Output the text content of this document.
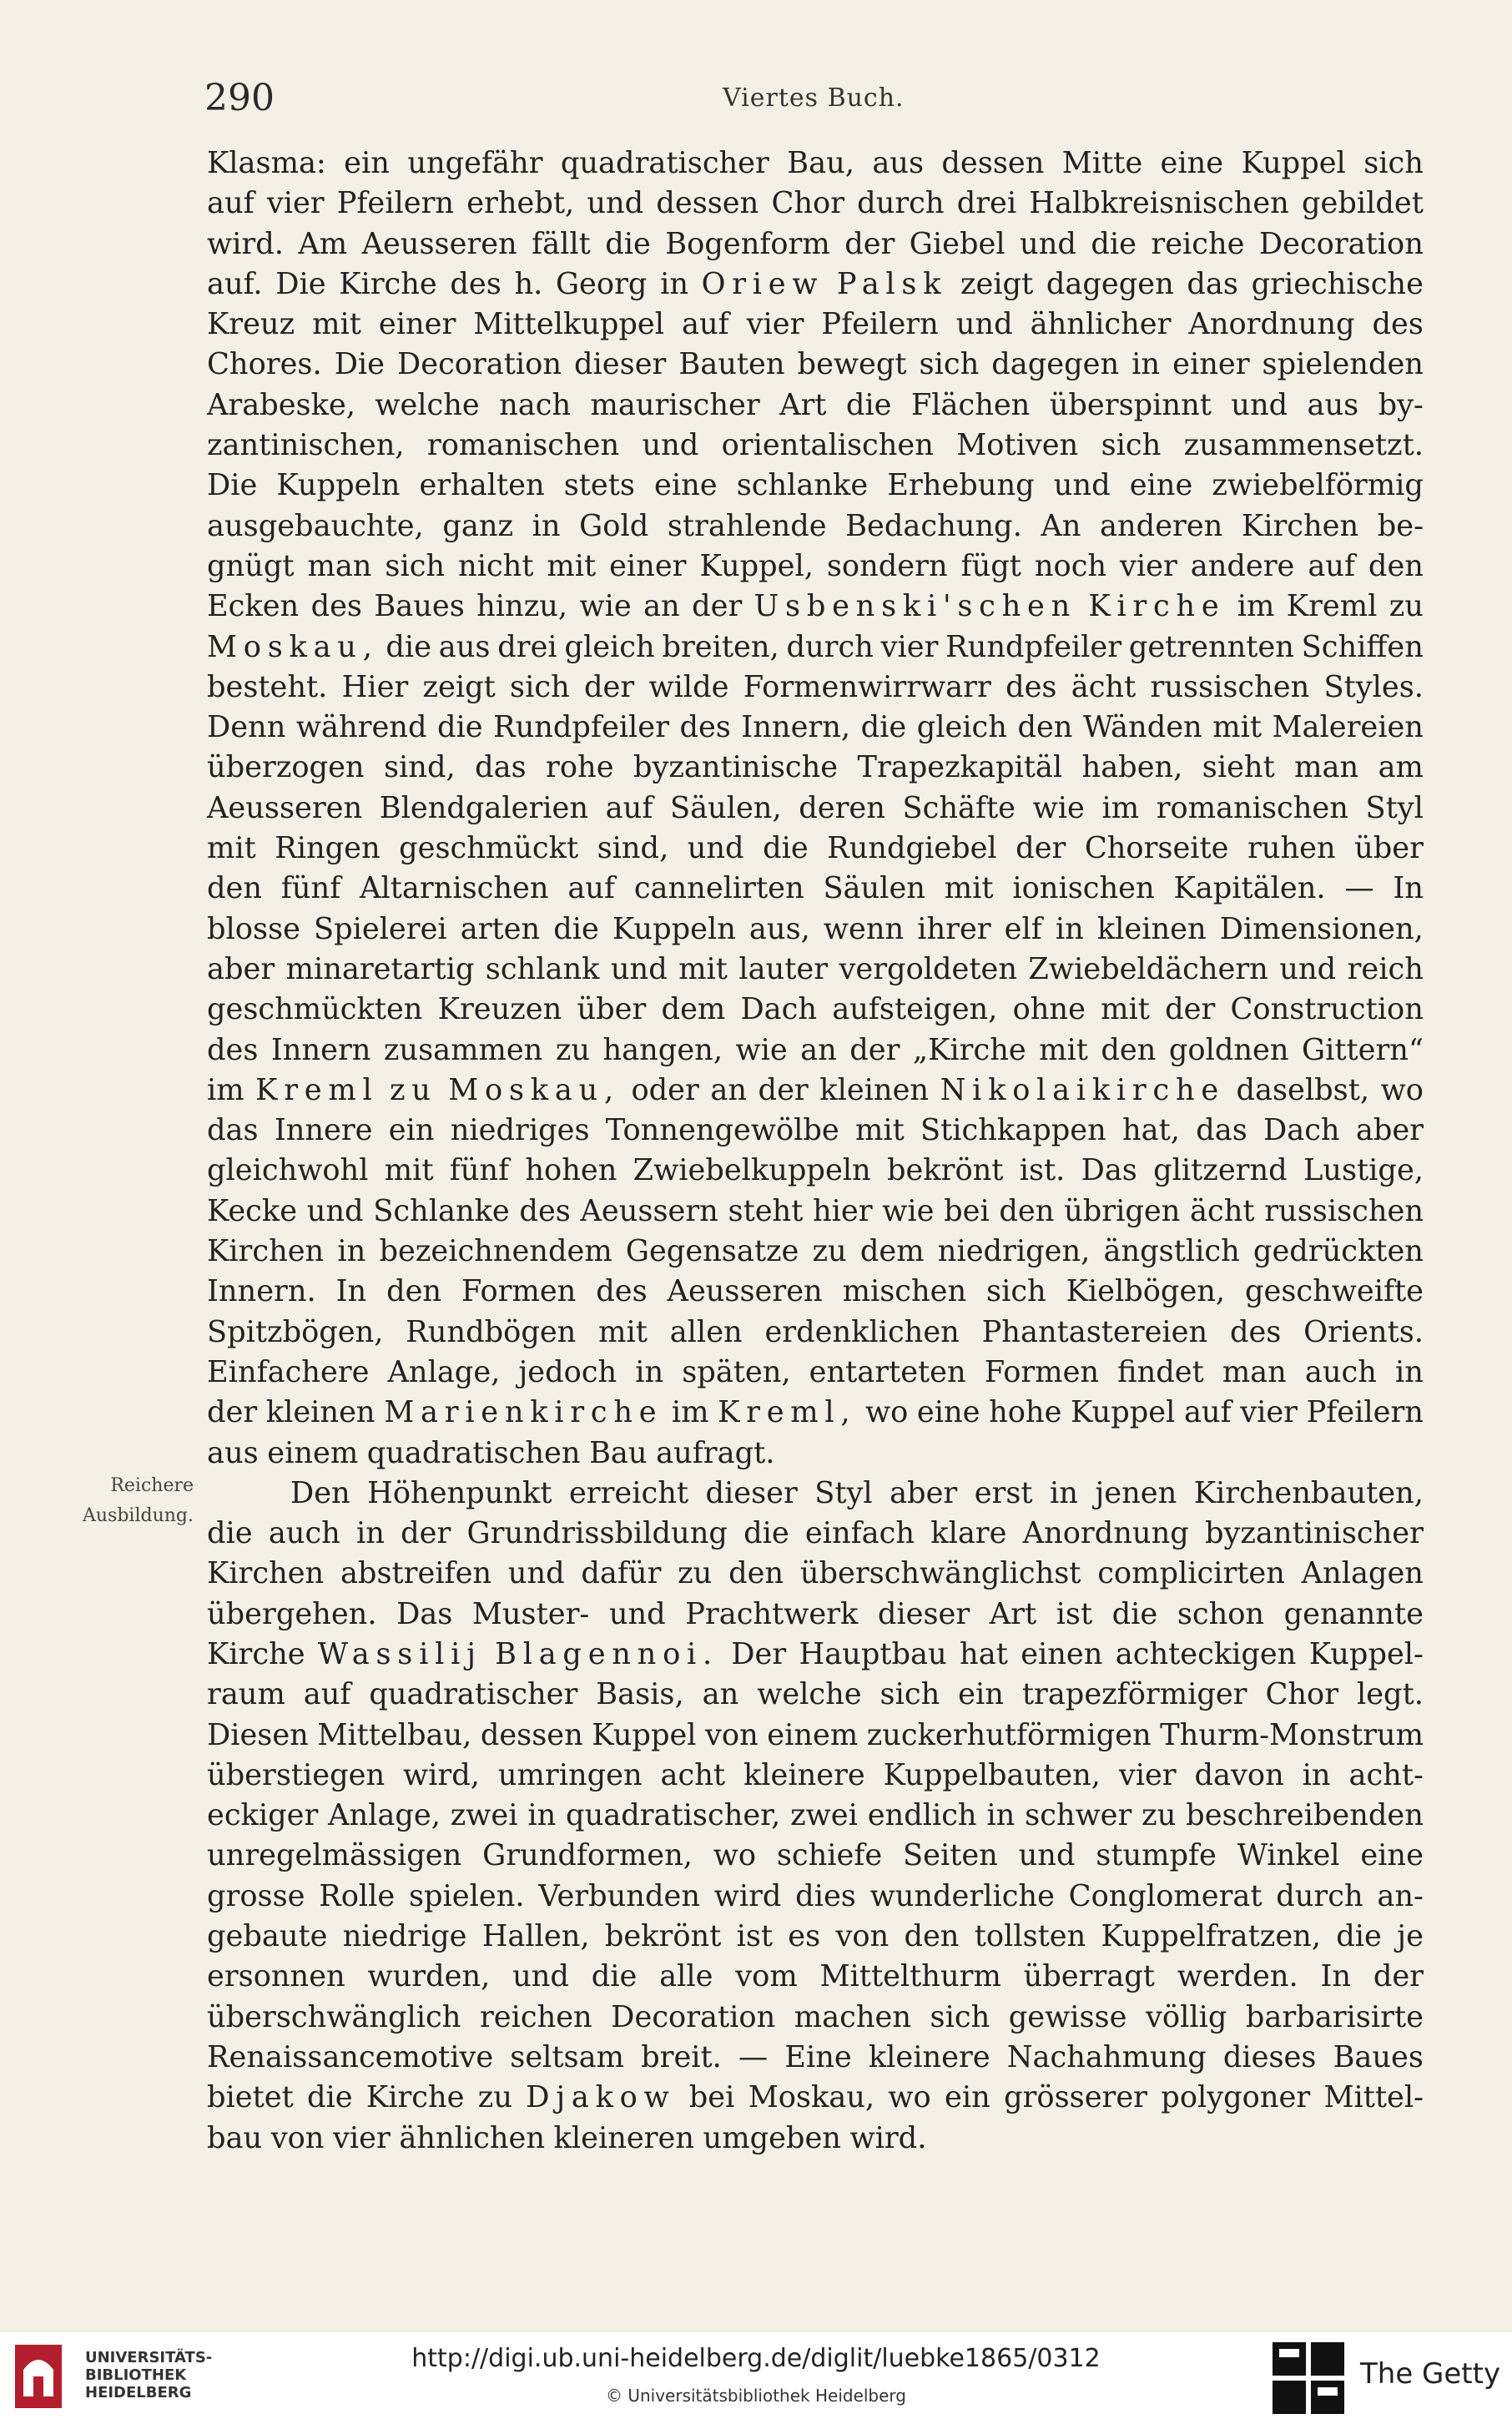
290	Viertes Buch.
Reichere
Ausbildung.
Klasma: ein ungefähr quadratischer Bau, aus dessen Mitte eine Kuppel sich
auf vier Pfeilern erhebt, und dessen Chor durch drei Halbkreisnischen gebildet
wird. Am Aeusseren fällt die Bogenform der Giebel und die reiche Decoration
auf. Die Kirche des h. Georg in Oriew Palsk zeigt dagegen das griechische
Kreuz mit einer Mittelkuppel auf vier Pfeilern und ähnlicher Anordnung des
Chores. Die Decoration dieser Bauten bewegt sich dagegen in einer spielenden
Arabeske, welche nach maurischer Art die Flächen überspinnt und aus by-
zantinischen, romanischen und orientalischen Motiven sich zusammensetzt.
Die Kuppeln erhalten stets eine schlanke Erhebung und eine zwiebelförmig
ausgebauchte, ganz in Gold strahlende Bedachung. An anderen Kirchen be-
gnügt man sich nicht mit einer Kuppel, sondern fügt noch vier andere auf den
Ecken des Baues hinzu, wie an der Usbenski'schen Kirche im Kreml zu
Moskau, die aus drei gleich breiten, durch vier Rundpfeiler getrennten Schiffen
besteht. Hier zeigt sich der wilde Formenwirrwarr des ächt russischen Styles.
Denn während die Rundpfeiler des Innern, die gleich den Wänden mit Malereien
überzogen sind, das rohe byzantinische Trapezkapitäl haben, sieht man am
Aeusseren Blendgalerien auf Säulen, deren Schäfte wie im romanischen Styl
mit Ringen geschmückt sind, und die Rundgiebel der Chorseite ruhen über
den fünf Altarnischen auf cannelirten Säulen mit ionischen Kapitälen. — In
blosse Spielerei arten die Kuppeln aus, wenn ihrer elf in kleinen Dimensionen,
aber minaretartig schlank und mit lauter vergoldeten Zwiebeldächern und reich
geschmückten Kreuzen über dem Dach aufsteigen, ohne mit der Construction
des Innern zusammen zu hangen, wie an der „Kirche mit den goldnen Gittern“
im Kreml zu Moskau, oder an der kleinen Nikolaikirche daselbst, wo
das Innere ein niedriges Tonnengewölbe mit Stichkappen hat, das Dach aber
gleichwohl mit fünf hohen Zwiebelkuppeln bekrönt ist. Das glitzernd Lustige,
Kecke und Schlanke des Aeussern steht hier wie bei den übrigen ächt russischen
Kirchen in bezeichnendem Gegensatze zu dem niedrigen, ängstlich gedrückten
Innern. In den Formen des Aeusseren mischen sich Kielbögen, geschweifte
Spitzbögen, Rundbögen mit allen erdenklichen Phantastereien des Orients.
Einfachere Anlage, jedoch in späten, entarteten Formen findet man auch in
der kleinen Marienkirche im Kreml, wo eine hohe Kuppel auf vier Pfeilern
aus einem quadratischen Bau aufragt.
Den Höhenpunkt erreicht dieser Styl aber erst in jenen Kirchenbauten,
die auch in der Grundrissbildung die einfach klare Anordnung byzantinischer
Kirchen abstreifen und dafür zu den überschwänglichst complicirten Anlagen
übergehen. Das Muster- und Prachtwerk dieser Art ist die schon genannte
Kirche Wassilij Blagennoi. Der Hauptbau hat einen achteckigen Kuppel-
raum auf quadratischer Basis, an welche sich ein trapezförmiger Chor legt.
Diesen Mittelbau, dessen Kuppel von einem zuckerhutförmigen Thurm-Monstrum
überstiegen wird, umringen acht kleinere Kuppelbauten, vier davon in acht-
eckiger Anlage, zwei in quadratischer, zwei endlich in schwer zu beschreibenden
unregelmässigen Grundformen, wo schiefe Seiten und stumpfe Winkel eine
grosse Rolle spielen. Verbunden wird dies wunderliche Conglomerat durch an-
gebaute niedrige Hallen, bekrönt ist es von den tollsten Kuppelfratzen, die je
ersonnen wurden, und die alle vom Mittelthurm überragt werden. In der
überschwänglich reichen Decoration machen sich gewisse völlig barbarisirte
Renaissancemotive seltsam breit. — Eine kleinere Nachahmung dieses Baues
bietet die Kirche zu Djakow bei Moskau, wo ein grösserer polygoner Mittel-
bau von vier ähnlichen kleineren umgeben wird.
UNIVERSITÄTS-
BIBLIOTHEK
HEIDELBERG
http://digi.ub.uni-heidelberg.de/diglit/luebke1865/0312
© Universitätsbibliothek Heidelberg
The Getty
